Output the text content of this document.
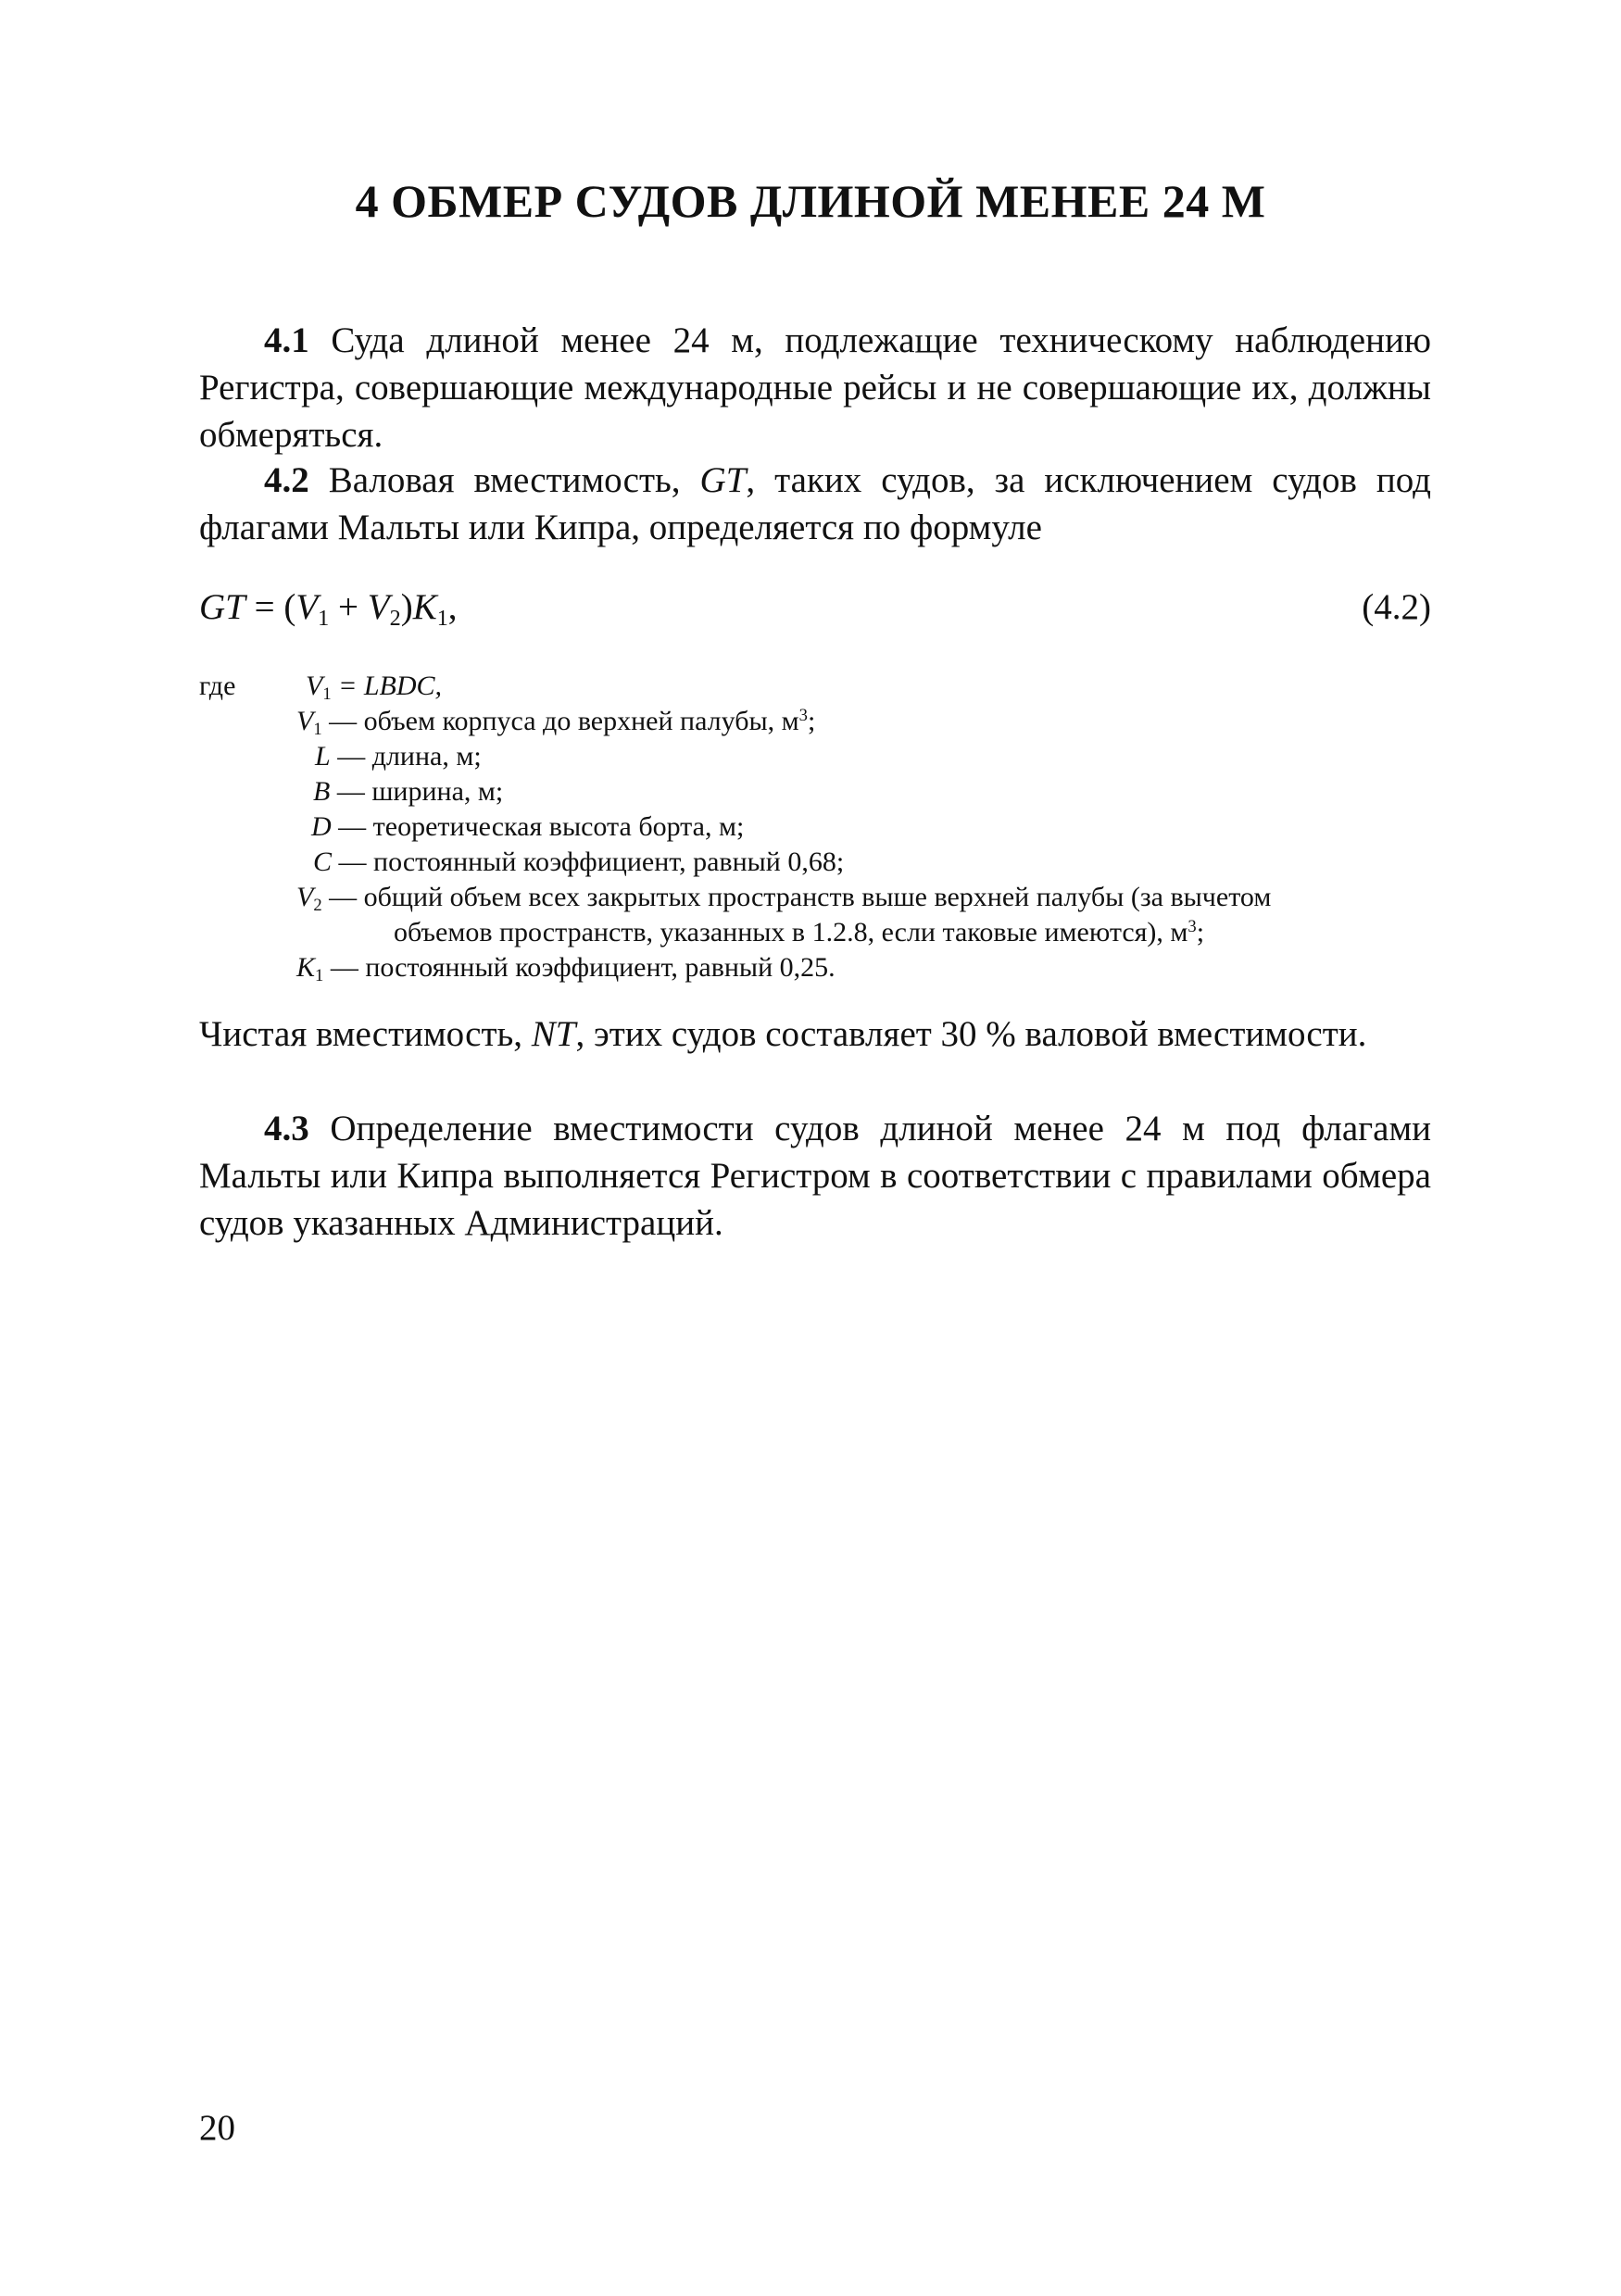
4 ОБМЕР СУДОВ ДЛИНОЙ МЕНЕЕ 24 М
4.1 Суда длиной менее 24 м, подлежащие техническому наблюдению Регистра, совершающие международные рейсы и не совершающие их, должны обмеряться.
4.2 Валовая вместимость, GT, таких судов, за исключением судов под флагами Мальты или Кипра, определяется по формуле
GT = $(V_1 + V_2)K_1$,	(4.2)
где	$V_1$ = LBDC,
$V_1$ — объем корпуса до верхней палубы, $м^3$;
L — длина, м;
B — ширина, м;
D — теоретическая высота борта, м;
C — постоянный коэффициент, равный 0,68;
$V_2$ — общий объем всех закрытых пространств выше верхней палубы (за вычетом
объемов пространств, указанных в 1.2.8, если таковые имеются), $м^3$;
$K_1$ — постоянный коэффициент, равный 0,25.
Чистая вместимость, NT, этих судов составляет 30 % валовой вместимости.
4.3 Определение вместимости судов длиной менее 24 м под флагами Мальты или Кипра выполняется Регистром в соответствии с правилами обмера судов указанных Администраций.
20
